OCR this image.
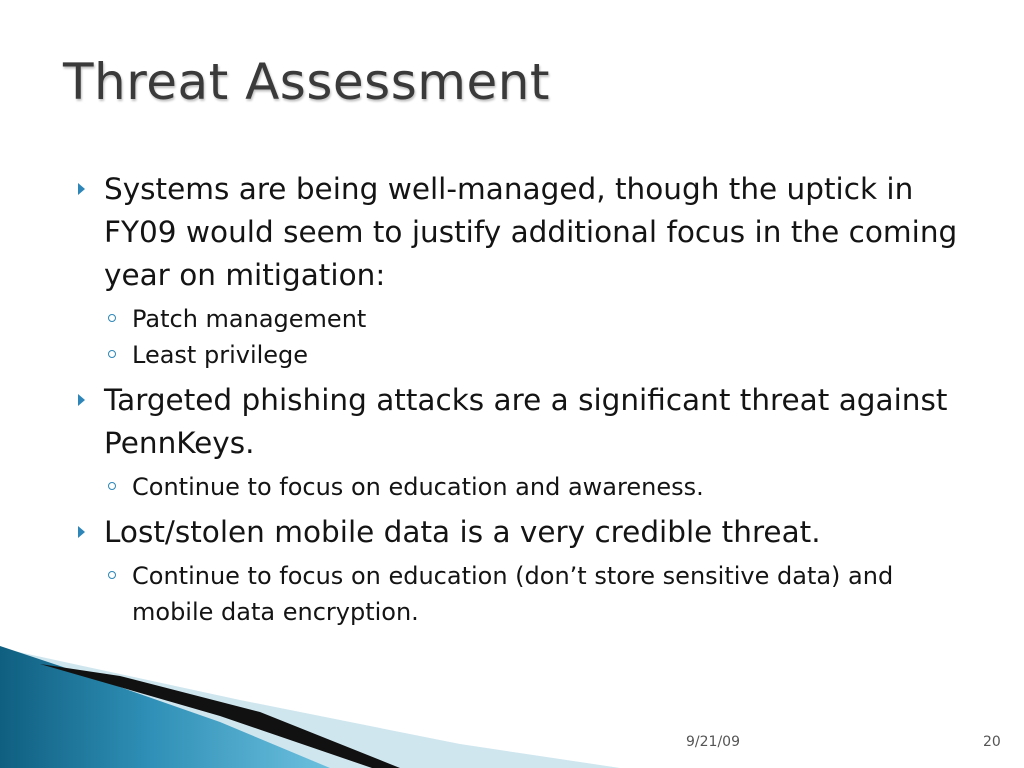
Threat Assessment
Systems are being well-managed, though the uptick in FY09 would seem to justify additional focus in the coming year on mitigation:
Patch management
Least privilege
Targeted phishing attacks are a significant threat against PennKeys.
Continue to focus on education and awareness.
Lost/stolen mobile data is a very credible threat.
Continue to focus on education (don’t store sensitive data) and mobile data encryption.
9/21/09	20
